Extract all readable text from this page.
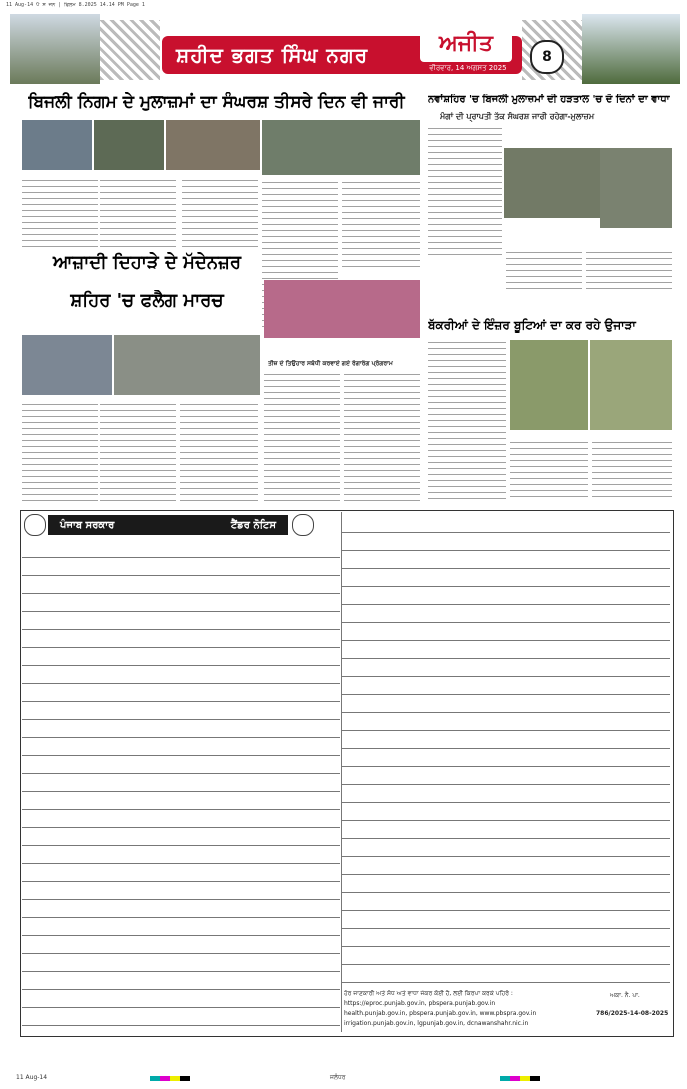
11 Aug-14 ਪੈ ਸ ਜਨ | ਫਿਲਮ 8.2025 14.14 PM Page 1
ਸ਼ਹੀਦ ਭਗਤ ਸਿੰਘ ਨਗਰ	ਅਜੀਤ
ਵੀਰਵਾਰ, 14 ਅਗਸਤ 2025
8
ਬਿਜਲੀ ਨਿਗਮ ਦੇ ਮੁਲਾਜ਼ਮਾਂ ਦਾ ਸੰਘਰਸ਼ ਤੀਸਰੇ ਦਿਨ ਵੀ ਜਾਰੀ	ਨਵਾਂਸ਼ਹਿਰ 'ਚ ਬਿਜਲੀ ਮੁਲਾਜ਼ਮਾਂ ਦੀ ਹੜਤਾਲ 'ਚ ਦੋ ਦਿਨਾਂ ਦਾ ਵਾਧਾ
ਮੰਗਾਂ ਦੀ ਪ੍ਰਾਪਤੀ ਤੱਕ ਸੰਘਰਸ਼ ਜਾਰੀ ਰਹੇਗਾ-ਮੁਲਾਜ਼ਮ
ਆਜ਼ਾਦੀ ਦਿਹਾੜੇ ਦੇ ਮੱਦੇਨਜ਼ਰ
ਸ਼ਹਿਰ 'ਚ ਫਲੈਗ ਮਾਰਚ
ਤੀਜ਼ ਦੇ ਤਿਉਹਾਰ ਸਬੰਧੀ ਕਰਵਾਏ ਗਏ ਰੰਗਾਰੰਗ ਪ੍ਰੋਗਰਾਮ
ਬੱਕਰੀਆਂ ਦੇ ਇੰਜ਼ਰ ਬੂਟਿਆਂ ਦਾ ਕਰ ਰਹੇ ਉਜਾੜਾ
ਪੰਜਾਬ ਸਰਕਾਰ	ਟੈਂਡਰ ਨੋਟਿਸ
ਹੋਰ ਜਾਣਕਾਰੀ ਅਤੇ ਸੋਧ ਅਤੇ ਵਾਧਾ ਜੇਕਰ ਕੋਈ ਹੈ, ਲਈ ਕਿਰਪਾ ਕਰਕੇ ਪਹਿਰੋ :
https://eproc.punjab.gov.in, pbspera.punjab.gov.in
health.punjab.gov.in, pbspera.punjab.gov.in, www.pbspra.gov.in
irrigation.punjab.gov.in, lgpunjab.gov.in, dcnawanshahr.nic.in
ਅਕਾ. ਨੈ. ਪਾ.
786/2025-14-08-2025
11 Aug-14	ਜਲੰਧਰ
